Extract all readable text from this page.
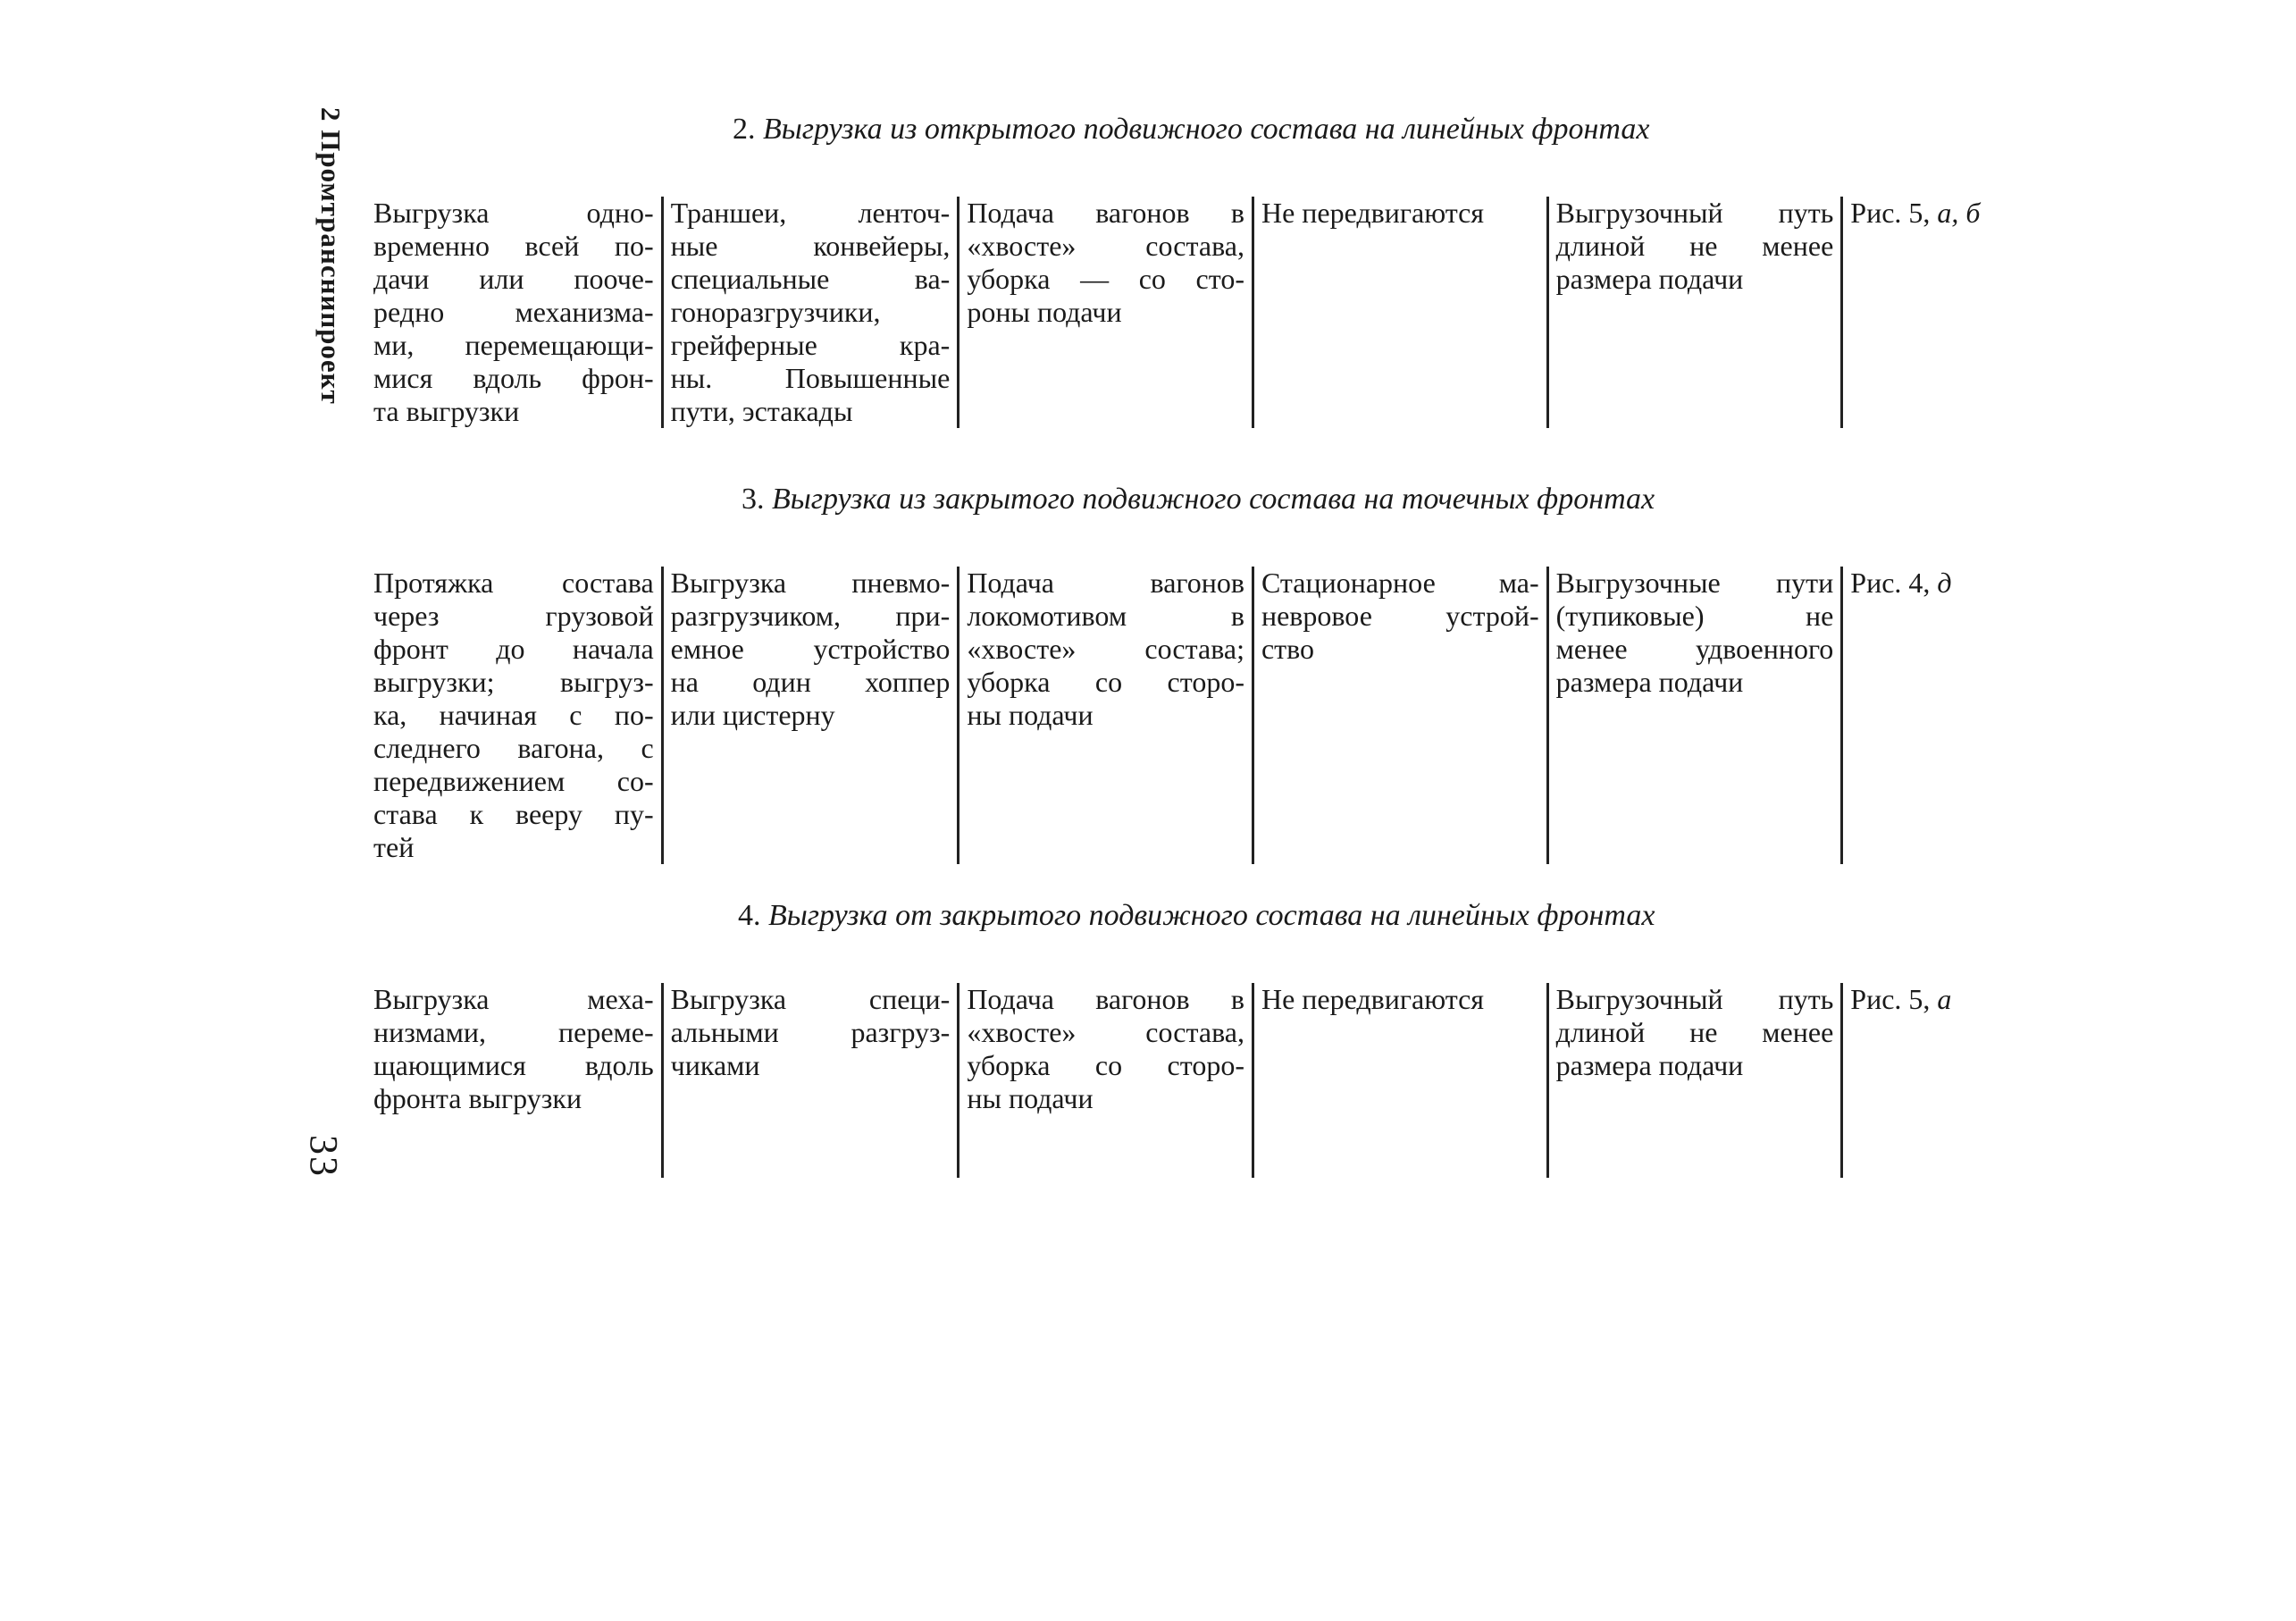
2 Промтранснипроект
33
2. Выгрузка из открытого подвижного состава на линейных фронтах
Выгрузка одно-
временно всей по-
дачи или пооче-
редно механизма-
ми, перемещающи-
мися вдоль фрон-
та выгрузки
Траншеи, ленточ-
ные конвейеры,
специальные ва-
гоноразгрузчики,
грейферные кра-
ны. Повышенные
пути, эстакады
Подача вагонов в
«хвосте» состава,
уборка — со сто-
роны подачи
Не передвигаются	Выгрузочный путь
длиной не менее
размера подачи
Рис. 5, а, б
3. Выгрузка из закрытого подвижного состава на точечных фронтах
Протяжка состава
через грузовой
фронт до начала
выгрузки; выгруз-
ка, начиная с по-
следнего вагона, с
передвижением со-
става к вееру пу-
тей
Выгрузка пневмо-
разгрузчиком, при-
емное устройство
на один хоппер
или цистерну
Подача вагонов
локомотивом в
«хвосте» состава;
уборка со сторо-
ны подачи
Стационарное ма-
невровое устрой-
ство
Выгрузочные пути
(тупиковые) не
менее удвоенного
размера подачи
Рис. 4, д
4. Выгрузка от закрытого подвижного состава на линейных фронтах
Выгрузка меха-
низмами, переме-
щающимися вдоль
фронта выгрузки
Выгрузка специ-
альными разгруз-
чиками
Подача вагонов в
«хвосте» состава,
уборка со сторо-
ны подачи
Не передвигаются	Выгрузочный путь
длиной не менее
размера подачи
Рис. 5, а
